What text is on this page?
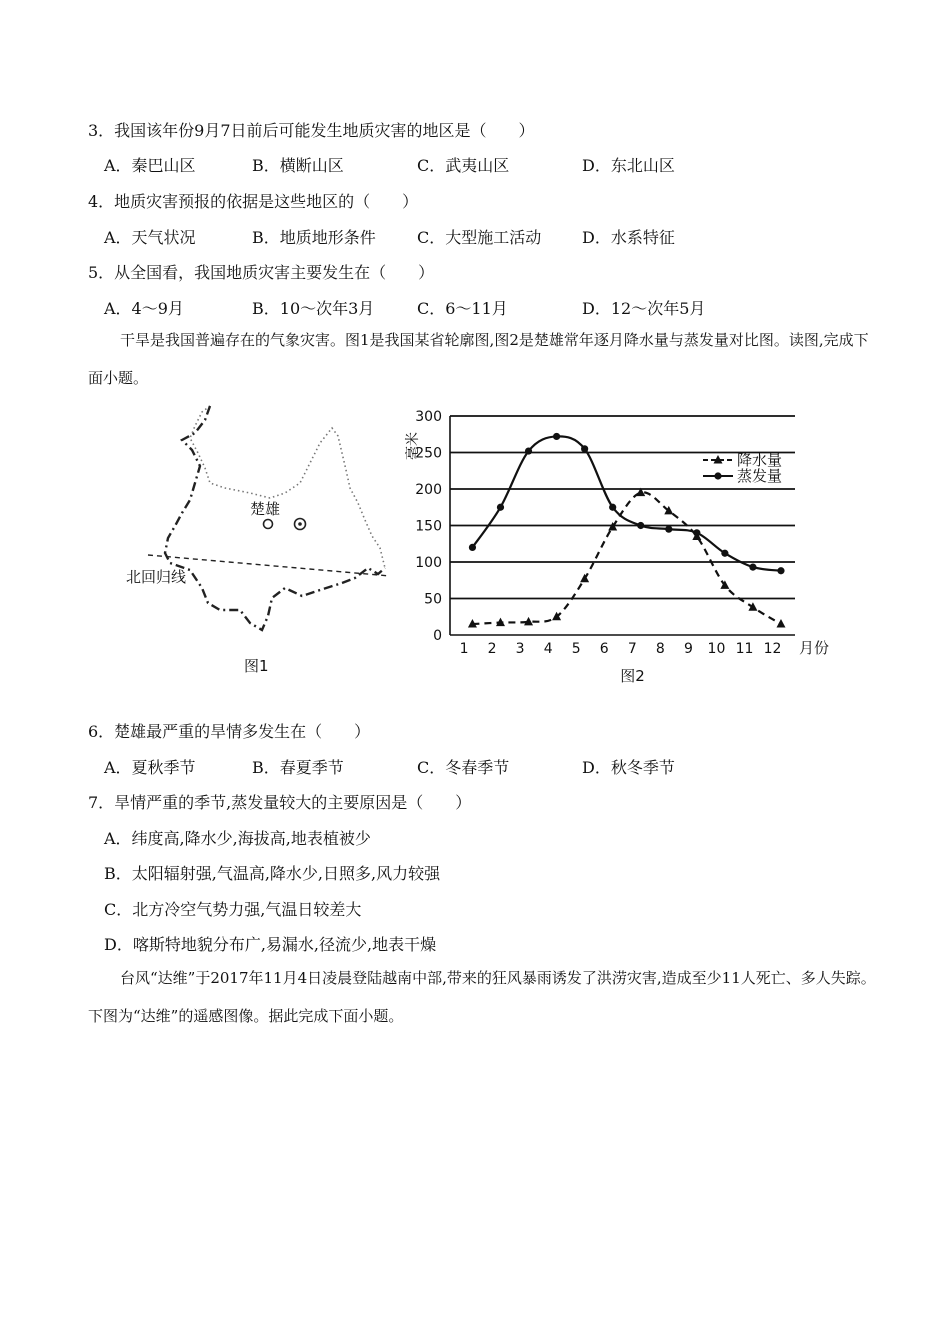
3．我国该年份9月7日前后可能发生地质灾害的地区是（　　）
A．秦巴山区	B．横断山区	C．武夷山区	D．东北山区
4．地质灾害预报的依据是这些地区的（　　）
A．天气状况	B．地质地形条件	C．大型施工活动	D．水系特征
5．从全国看，我国地质灾害主要发生在（　　）
A．4～9月	B．10～次年3月	C．6～11月	D．12～次年5月
干旱是我国普遍存在的气象灾害。图1是我国某省轮廓图,图2是楚雄常年逐月降水量与蒸发量对比图。读图,完成下面小题。
楚雄
北回归线
图1
0
50
100
150
200
250
300
1 2 3 4 5 6 7 8 9 10 11 12
降水量
蒸发量
毫米
月份
图2
6．楚雄最严重的旱情多发生在（　　）
A．夏秋季节	B．春夏季节	C．冬春季节	D．秋冬季节
7．旱情严重的季节,蒸发量较大的主要原因是（　　）
A．纬度高,降水少,海拔高,地表植被少
B．太阳辐射强,气温高,降水少,日照多,风力较强
C．北方冷空气势力强,气温日较差大
D．喀斯特地貌分布广,易漏水,径流少,地表干燥
台风“达维”于2017年11月4日凌晨登陆越南中部,带来的狂风暴雨诱发了洪涝灾害,造成至少11人死亡、多人失踪。下图为“达维”的遥感图像。据此完成下面小题。
